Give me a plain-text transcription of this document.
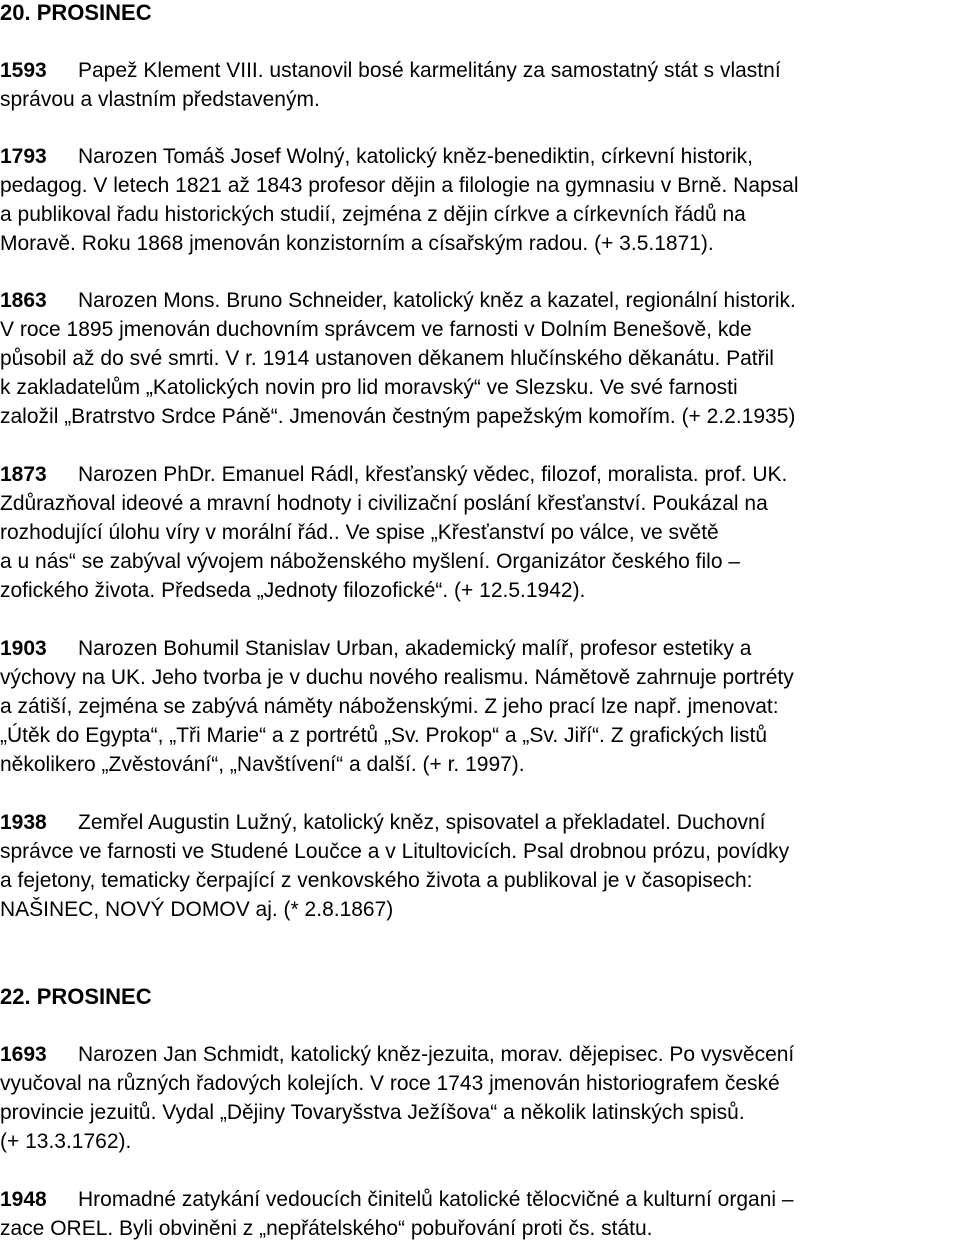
20. PROSINEC
1593 Papež Klement VIII. ustanovil bosé karmelitány za samostatný stát s vlastní
správou a vlastním představeným.
1793 Narozen Tomáš Josef Wolný, katolický kněz-benediktin, církevní historik,
pedagog. V letech 1821 až 1843 profesor dějin a filologie na gymnasiu v Brně. Napsal
a publikoval řadu historických studií, zejména z dějin církve a církevních řádů na
Moravě. Roku 1868 jmenován konzistorním a císařským radou. (+ 3.5.1871).
1863 Narozen Mons. Bruno Schneider, katolický kněz a kazatel, regionální historik.
V roce 1895 jmenován duchovním správcem ve farnosti v Dolním Benešově, kde
působil až do své smrti. V r. 1914 ustanoven děkanem hlučínského děkanátu. Patřil
k zakladatelům „Katolických novin pro lid moravský“ ve Slezsku. Ve své farnosti
založil „Bratrstvo Srdce Páně“. Jmenován čestným papežským komořím. (+ 2.2.1935)
1873 Narozen PhDr. Emanuel Rádl, křesťanský vědec, filozof, moralista. prof. UK.
Zdůrazňoval ideové a mravní hodnoty i civilizační poslání křesťanství. Poukázal na
rozhodující úlohu víry v morální řád.. Ve spise „Křesťanství po válce, ve světě
a u nás“ se zabýval vývojem náboženského myšlení. Organizátor českého filo –
zofického života. Předseda „Jednoty filozofické“. (+ 12.5.1942).
1903 Narozen Bohumil Stanislav Urban, akademický malíř, profesor estetiky a
výchovy na UK. Jeho tvorba je v duchu nového realismu. Námětově zahrnuje portréty
a zátiší, zejména se zabývá náměty náboženskými. Z jeho prací lze např. jmenovat:
„Útěk do Egypta“, „Tři Marie“ a z portrétů „Sv. Prokop“ a „Sv. Jiří“. Z grafických listů
několikero „Zvěstování“, „Navštívení“ a další. (+ r. 1997).
1938 Zemřel Augustin Lužný, katolický kněz, spisovatel a překladatel. Duchovní
správce ve farnosti ve Studené Loučce a v Litultovicích. Psal drobnou prózu, povídky
a fejetony, tematicky čerpající z venkovského života a publikoval je v časopisech:
NAŠINEC, NOVÝ DOMOV aj. (* 2.8.1867)
22. PROSINEC
1693 Narozen Jan Schmidt, katolický kněz-jezuita, morav. dějepisec. Po vysvěcení
vyučoval na různých řadových kolejích. V roce 1743 jmenován historiografem české
provincie jezuitů. Vydal „Dějiny Tovaryšstva Ježíšova“ a několik latinských spisů.
(+ 13.3.1762).
1948 Hromadné zatykání vedoucích činitelů katolické tělocvičné a kulturní organi –
zace OREL. Byli obviněni z „nepřátelského“ pobuřování proti čs. státu.
